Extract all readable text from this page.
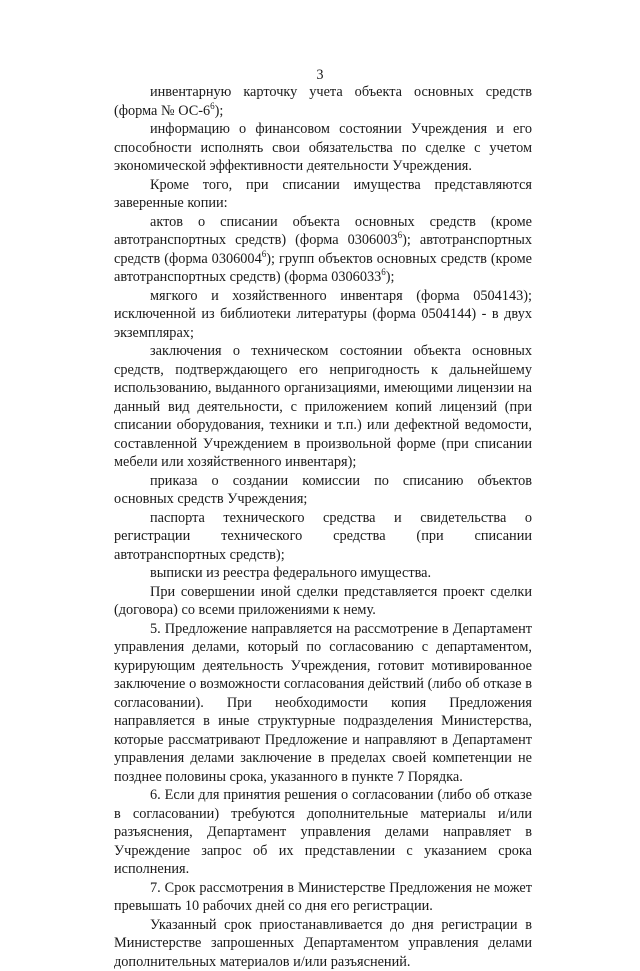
3

инвентарную карточку учета объекта основных средств

(форма № $ОС-6^6$);

информацию о финансовом состоянии Учреждения и его способности исполнять свои обязательства по сделке с учетом экономической эффективности деятельности Учреждения.

Кроме того, при списании имущества представляются заверенные копии:

актов о списании объекта основных средств (кроме автотранспортных средств) (форма 0306003$^6$); автотранспортных средств (форма 0306004$^6$); групп объектов основных средств (кроме автотранспортных средств) (форма 0306033$^6$);

мягкого и хозяйственного инвентаря (форма 0504143); исключенной из библиотеки литературы (форма 0504144) - в двух экземплярах;

заключения о техническом состоянии объекта основных средств, подтверждающего его непригодность к дальнейшему использованию, выданного организациями, имеющими лицензии на данный вид деятельности, с приложением копий лицензий (при списании оборудования, техники и т.п.) или дефектной ведомости, составленной Учреждением в произвольной форме (при списании мебели или хозяйственного инвентаря);

приказа о создании комиссии по списанию объектов основных средств Учреждения;

паспорта технического средства и свидетельства о регистрации технического средства (при списании автотранспортных средств);

выписки из реестра федерального имущества.

При совершении иной сделки представляется проект сделки (договора) со всеми приложениями к нему.

5. Предложение направляется на рассмотрение в Департамент управления делами, который по согласованию с департаментом, курирующим деятельность Учреждения, готовит мотивированное заключение о возможности согласования действий (либо об отказе в согласовании). При необходимости копия Предложения направляется в иные структурные подразделения Министерства, которые рассматривают Предложение и направляют в Департамент управления делами заключение в пределах своей компетенции не позднее половины срока, указанного в пункте 7 Порядка.

6. Если для принятия решения о согласовании (либо об отказе в согласовании) требуются дополнительные материалы и/или разъяснения, Департамент управления делами направляет в Учреждение запрос об их представлении с указанием срока исполнения.

7. Срок рассмотрения в Министерстве Предложения не может превышать 10 рабочих дней со дня его регистрации.

Указанный срок приостанавливается до дня регистрации в Министерстве запрошенных Департаментом управления делами дополнительных материалов и/или разъяснений.
